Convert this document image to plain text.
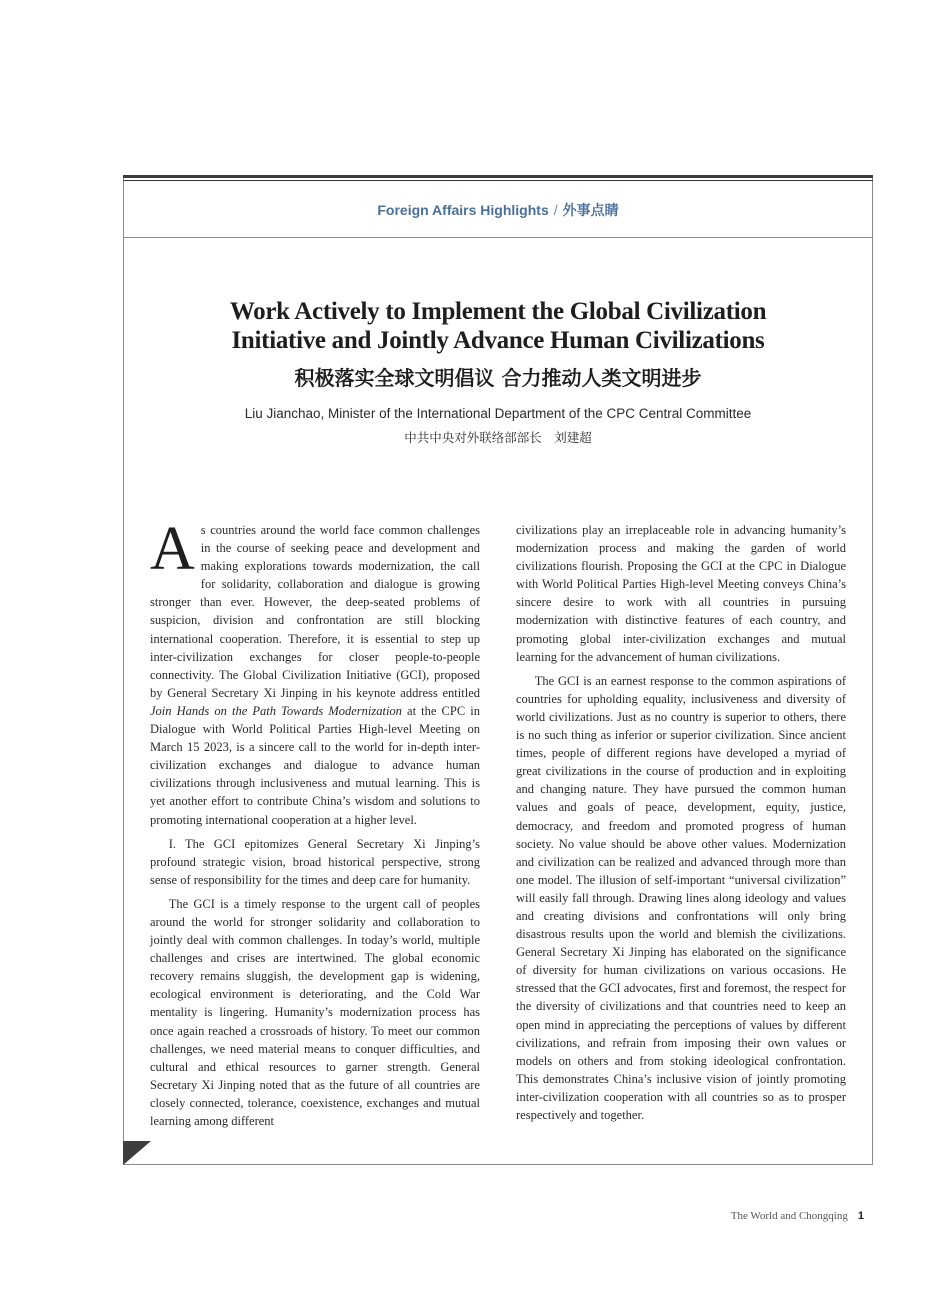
Foreign Affairs Highlights / 外事点睛
Work Actively to Implement the Global Civilization
Initiative and Jointly Advance Human Civilizations
积极落实全球文明倡议 合力推动人类文明进步
Liu Jianchao, Minister of the International Department of the CPC Central Committee
中共中央对外联络部部长　刘建超

As countries around the world face common challenges in the course of seeking peace and development and making explorations towards modernization, the call for solidarity, collaboration and dialogue is growing stronger than ever. However, the deep-seated problems of suspicion, division and confrontation are still blocking international cooperation. Therefore, it is essential to step up inter-civilization exchanges for closer people-to-people connectivity. The Global Civilization Initiative (GCI), proposed by General Secretary Xi Jinping in his keynote address entitled Join Hands on the Path Towards Modernization at the CPC in Dialogue with World Political Parties High-level Meeting on March 15 2023, is a sincere call to the world for in-depth inter-civilization exchanges and dialogue to advance human civilizations through inclusiveness and mutual learning. This is yet another effort to contribute China’s wisdom and solutions to promoting international cooperation at a higher level.

I. The GCI epitomizes General Secretary Xi Jinping’s profound strategic vision, broad historical perspective, strong sense of responsibility for the times and deep care for humanity.

The GCI is a timely response to the urgent call of peoples around the world for stronger solidarity and collaboration to jointly deal with common challenges. In today’s world, multiple challenges and crises are intertwined. The global economic recovery remains sluggish, the development gap is widening, ecological environment is deteriorating, and the Cold War mentality is lingering. Humanity’s modernization process has once again reached a crossroads of history. To meet our common challenges, we need material means to conquer difficulties, and cultural and ethical resources to garner strength. General Secretary Xi Jinping noted that as the future of all countries are closely connected, tolerance, coexistence, exchanges and mutual learning among different

civilizations play an irreplaceable role in advancing humanity’s modernization process and making the garden of world civilizations flourish. Proposing the GCI at the CPC in Dialogue with World Political Parties High-level Meeting conveys China’s sincere desire to work with all countries in pursuing modernization with distinctive features of each country, and promoting global inter-civilization exchanges and mutual learning for the advancement of human civilizations.

The GCI is an earnest response to the common aspirations of countries for upholding equality, inclusiveness and diversity of world civilizations. Just as no country is superior to others, there is no such thing as inferior or superior civilization. Since ancient times, people of different regions have developed a myriad of great civilizations in the course of production and in exploiting and changing nature. They have pursued the common human values and goals of peace, development, equity, justice, democracy, and freedom and promoted progress of human society. No value should be above other values. Modernization and civilization can be realized and advanced through more than one model. The illusion of self-important “universal civilization” will easily fall through. Drawing lines along ideology and values and creating divisions and confrontations will only bring disastrous results upon the world and blemish the civilizations. General Secretary Xi Jinping has elaborated on the significance of diversity for human civilizations on various occasions. He stressed that the GCI advocates, first and foremost, the respect for the diversity of civilizations and that countries need to keep an open mind in appreciating the perceptions of values by different civilizations, and refrain from imposing their own values or models on others and from stoking ideological confrontation. This demonstrates China’s inclusive vision of jointly promoting inter-civilization cooperation with all countries so as to prosper respectively and together.

The World and Chongqing 1
